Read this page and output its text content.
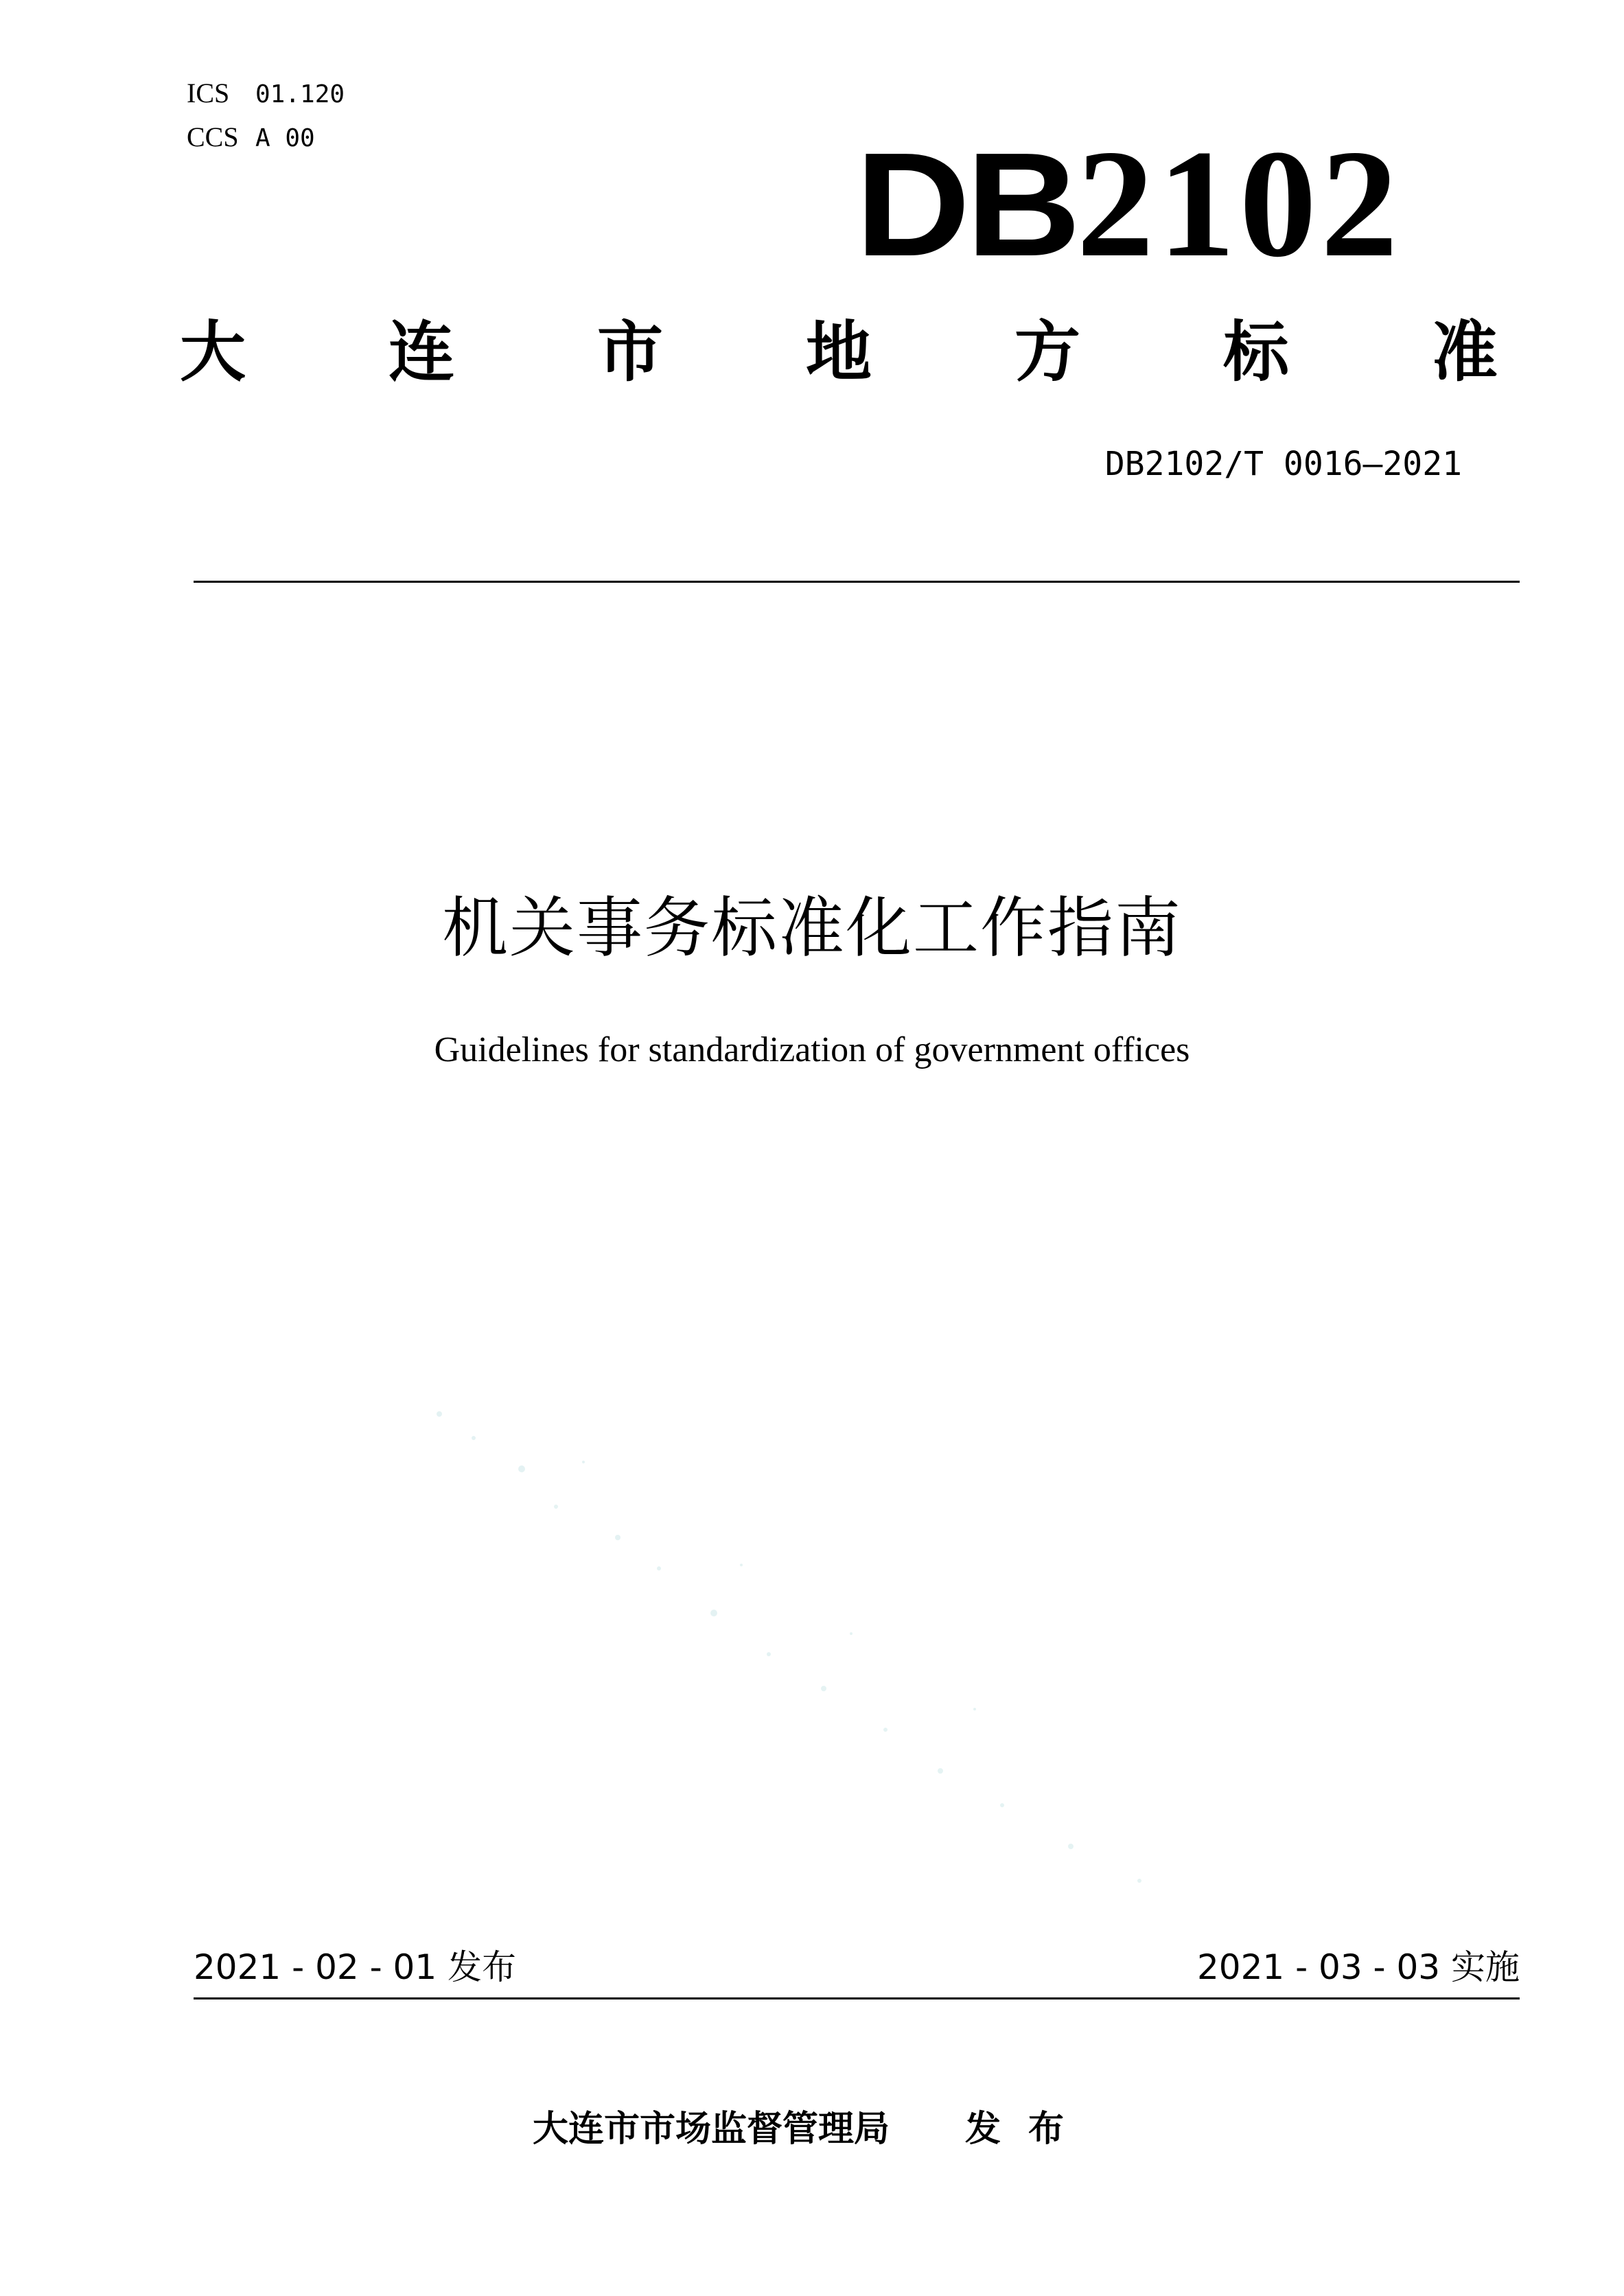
ICS 01.120
CCS A 00	DB2102
大 连 市 地 方 标 准
DB2102/T 0016—2021
机关事务标准化工作指南
Guidelines for standardization of government offices
2021 - 02 - 01 发布	2021 - 03 - 03 实施
大连市市场监督管理局 发布
